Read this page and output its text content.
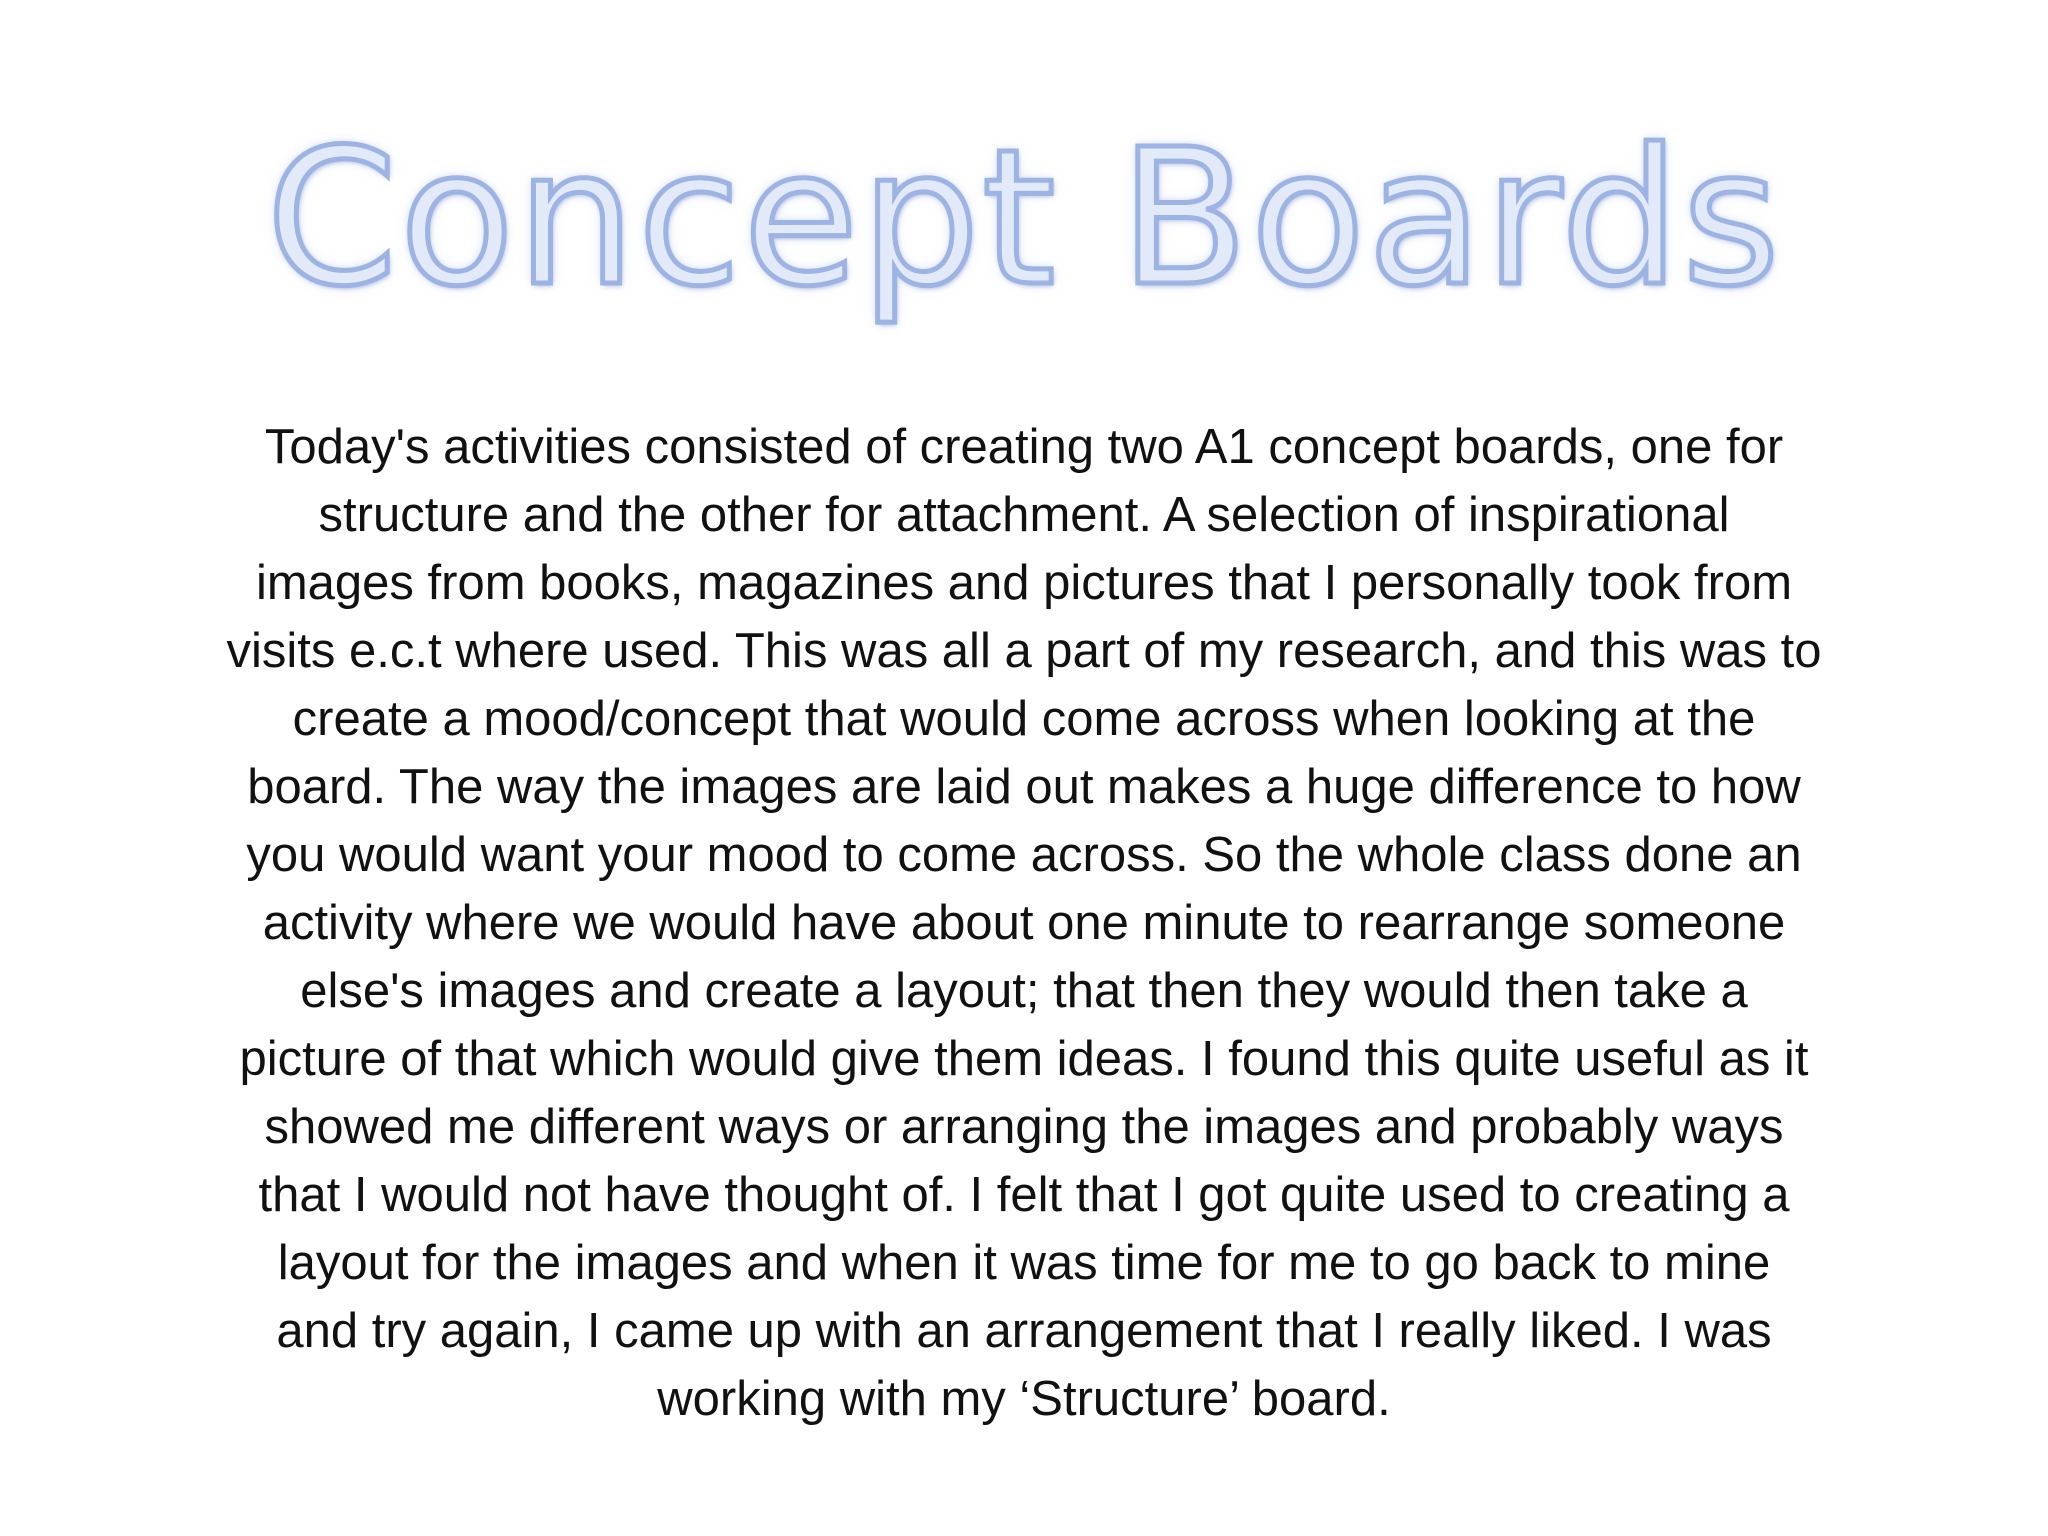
Concept Boards

Today's activities consisted of creating two A1 concept boards, one for
structure and the other for attachment. A selection of inspirational
images from books, magazines and pictures that I personally took from
visits e.c.t where used. This was all a part of my research, and this was to
create a mood/concept that would come across when looking at the
board. The way the images are laid out makes a huge difference to how
you would want your mood to come across. So the whole class done an
activity where we would have about one minute to rearrange someone
else's images and create a layout; that then they would then take a
picture of that which would give them ideas. I found this quite useful as it
showed me different ways or arranging the images and probably ways
that I would not have thought of. I felt that I got quite used to creating a
layout for the images and when it was time for me to go back to mine
and try again, I came up with an arrangement that I really liked. I was
working with my ‘Structure’ board.
